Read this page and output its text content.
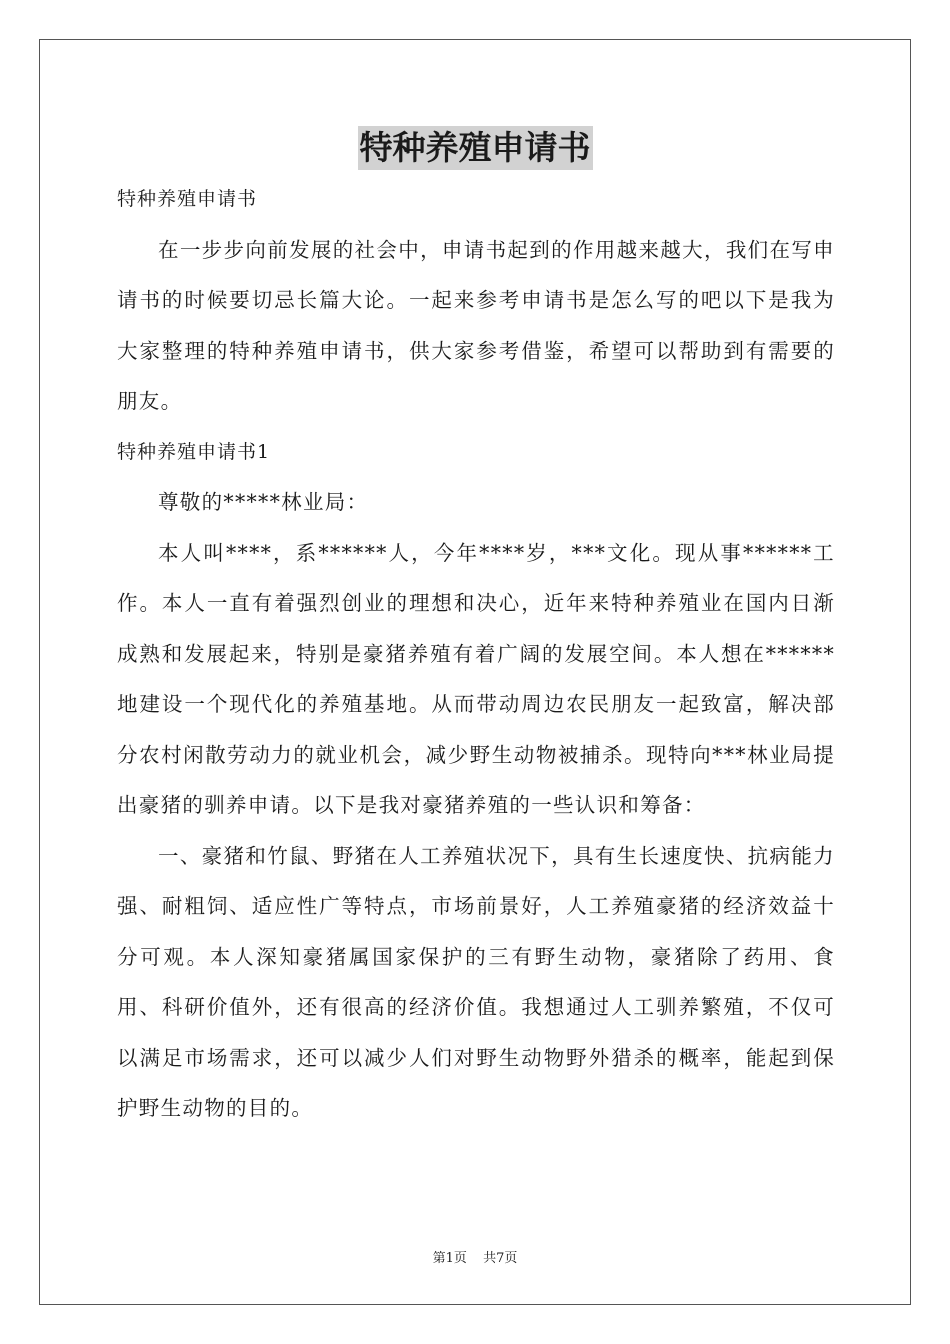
特种养殖申请书

特种养殖申请书

在一步步向前发展的社会中，申请书起到的作用越来越大，我们在写申请书的时候要切忌长篇大论。一起来参考申请书是怎么写的吧以下是我为大家整理的特种养殖申请书，供大家参考借鉴，希望可以帮助到有需要的朋友。

特种养殖申请书1

尊敬的*****林业局：

本人叫****，系******人，今年****岁，***文化。现从事******工作。本人一直有着强烈创业的理想和决心，近年来特种养殖业在国内日渐成熟和发展起来，特别是豪猪养殖有着广阔的发展空间。本人想在******地建设一个现代化的养殖基地。从而带动周边农民朋友一起致富，解决部分农村闲散劳动力的就业机会，减少野生动物被捕杀。现特向***林业局提出豪猪的驯养申请。以下是我对豪猪养殖的一些认识和筹备：

一、豪猪和竹鼠、野猪在人工养殖状况下，具有生长速度快、抗病能力强、耐粗饲、适应性广等特点，市场前景好，人工养殖豪猪的经济效益十分可观。本人深知豪猪属国家保护的三有野生动物，豪猪除了药用、食用、科研价值外，还有很高的经济价值。我想通过人工驯养繁殖，不仅可以满足市场需求，还可以减少人们对野生动物野外猎杀的概率，能起到保护野生动物的目的。

第1页 共7页
